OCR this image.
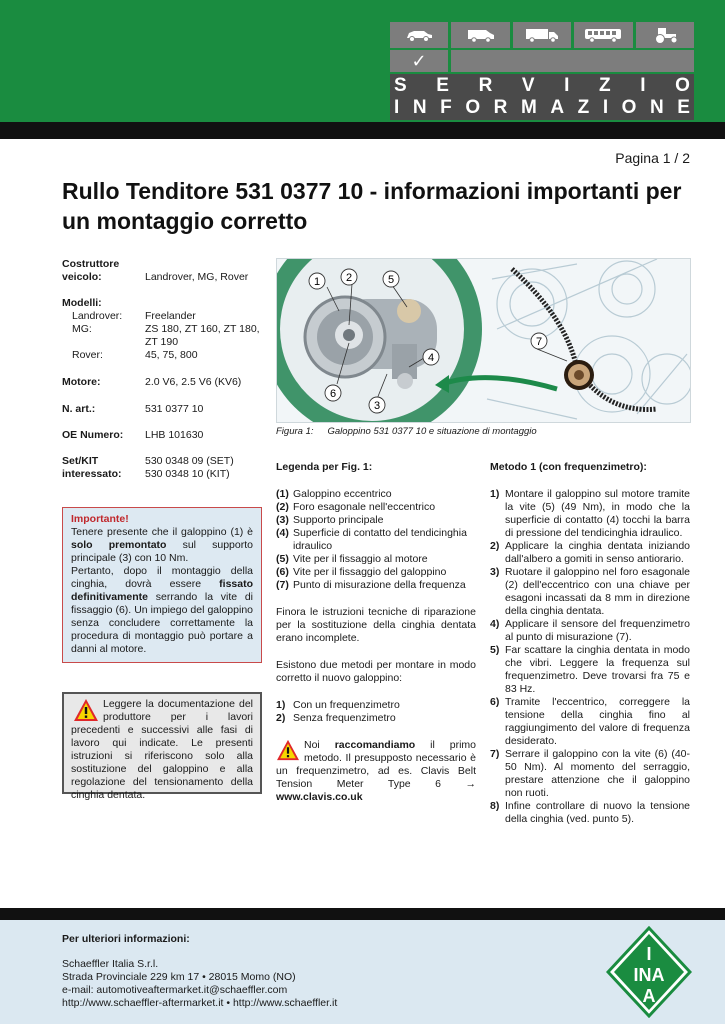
✓
S E R V I Z I O
I N F O R M A Z I O N E
Pagina 1 / 2
Rullo Tenditore 531 0377 10 - informazioni importanti per un montaggio corretto
Costruttore veicolo:	Landrover, MG, Rover
Modelli:
Landrover: Freelander
MG:	ZS 180, ZT 160, ZT 180, ZT 190
Rover:	45, 75, 800
Motore:	2.0 V6, 2.5 V6 (KV6)
N. art.:	531 0377 10
OE Numero:	LHB 101630
Set/KIT interessato:
530 0348 09 (SET)
530 0348 10 (KIT)
Importante!

Tenere presente che il galoppino (1) è solo premontato sul supporto principale (3) con 10 Nm.

Pertanto, dopo il montaggio della cinghia, dovrà essere fissato definitivamente serrando la vite di fissaggio (6). Un impiego del galoppino senza concludere correttamente la procedura di montaggio può portare a danni al motore.

Leggere la documentazione del produttore per i lavori precedenti e successivi alle fasi di lavoro qui indicate. Le presenti istruzioni si riferiscono solo alla sostituzione del galoppino e alla regolazione del tensionamento della cinghia dentata.
1 2	5
4
7
6
3
Figura 1: Galoppino 531 0377 10 e situazione di montaggio
Legenda per Fig. 1:
(1) Galoppino eccentrico
(2) Foro esagonale nell'eccentrico
(3) Supporto principale
(4) Superficie di contatto del tendicinghia idraulico
(5) Vite per il fissaggio al motore
(6) Vite per il fissaggio del galoppino
(7) Punto di misurazione della frequenza

Finora le istruzioni tecniche di riparazione per la sostituzione della cinghia dentata erano incomplete.

Esistono due metodi per montare in modo corretto il nuovo galoppino:

1) Con un frequenzimetro
2) Senza frequenzimetro
Noi raccomandiamo il primo metodo. Il presupposto necessario è un frequenzimetro, ad es. Clavis Belt Tension Meter Type 6 → www.clavis.co.uk
Metodo 1 (con frequenzimetro):
1) Montare il galoppino sul motore tramite la vite (5) (49 Nm), in modo che la superficie di contatto (4) tocchi la barra di pressione del tendicinghia idraulico.
2) Applicare la cinghia dentata iniziando dall'albero a gomiti in senso antiorario.
3) Ruotare il galoppino nel foro esagonale (2) dell'eccentrico con una chiave per esagoni incassati da 8 mm in direzione della cinghia dentata.
4) Applicare il sensore del frequenzimetro al punto di misurazione (7).
5) Far scattare la cinghia dentata in modo che vibri. Leggere la frequenza sul frequenzimetro. Deve trovarsi fra 75 e 83 Hz.
6) Tramite l'eccentrico, correggere la tensione della cinghia fino al raggiungimento del valore di frequenza desiderato.
7) Serrare il galoppino con la vite (6) (40-50 Nm). Al momento del serraggio, prestare attenzione che il galoppino non ruoti.
8) Infine controllare di nuovo la tensione della cinghia (ved. punto 5).
Per ulteriori informazioni:
Schaeffler Italia S.r.l.
Strada Provinciale 229 km 17 • 28015 Momo (NO)
e-mail: automotiveaftermarket.it@schaeffler.com
http://www.schaeffler-aftermarket.it • http://www.schaeffler.it
I
INA
A
